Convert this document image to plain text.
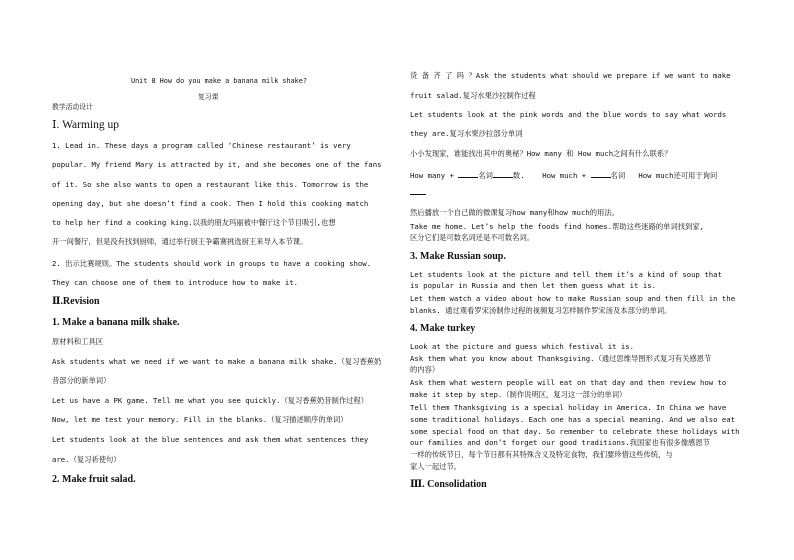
Unit 8 How do you make a banana milk shake?
复习课
教学活动设计
Ⅰ. Warming up
1. Lead in. These days a program called ‘Chinese restaurant’ is very
popular. My friend Mary is attracted by it, and she becomes one of the fans
of it. So she also wants to open a restaurant like this. Tomorrow is the
opening day, but she doesn’t find a cook. Then I hold this cooking match
to help her find a cooking king.以我的朋友玛丽被中餐厅这个节目吸引,也想
开一间餐厅，但是没有找到厨师，通过举行厨王争霸赛挑选厨王来导入本节课。
2. 出示比赛规则。The students should work in groups to have a cooking show.
They can choose one of them to introduce how to make it.
Ⅱ.Revision
1. Make a banana milk shake.
原材料和工具区
Ask students what we need if we want to make a banana milk shake.（复习香蕉奶
昔部分的新单词）
Let us have a PK game. Tell me what you see quickly.（复习香蕉奶昔制作过程）
Now, let me test your memory. Fill in the blanks.（复习描述顺序的单词）
Let students look at the blue sentences and ask them what sentences they
are.（复习祈使句）
2. Make fruit salad.
货 备 齐 了 吗 ？Ask the students what should we prepare if we want to make
fruit salad.复习水果沙拉制作过程
Let students look at the pink words and the blue words to say what words
they are.复习水果沙拉部分单词
小小发现家，谁能找出其中的奥秘？How many 和 How much之间有什么联系？
How many +	名词	数. How much +	名词 How much还可用于询问
然后播放一个自己做的微课复习how many和how much的用法。
Take me home. Let’s help the foods find homes.帮助这些迷路的单词找到家,
区分它们是可数名词还是不可数名词。
3. Make Russian soup.
Let students look at the picture and tell them it’s a kind of soup that
is popular in Russia and then let them guess what it is.
Let them watch a video about how to make Russian soup and then fill in the
blanks. 通过观看罗宋汤制作过程的视频复习怎样制作罗宋汤及本部分的单词。
4. Make turkey
Look at the picture and guess which festival it is.
Ask them what you know about Thanksgiving.（通过思维导图形式复习有关感恩节
的内容）
Ask them what western people will eat on that day and then review how to
make it step by step.（制作说明区，复习这一部分的单词）
Tell them Thanksgiving is a special holiday in America. In China we have
some traditional holidays. Each one has a special meaning. And we also eat
some special food on that day. So remember to celebrate these holidays with
our families and don’t forget our good traditions.我国家也有很多像感恩节
一样的传统节日，每个节日都有其特殊含义及特定食物，我们要珍惜这些传统，与
家人一起过节。
Ⅲ. Consolidation
